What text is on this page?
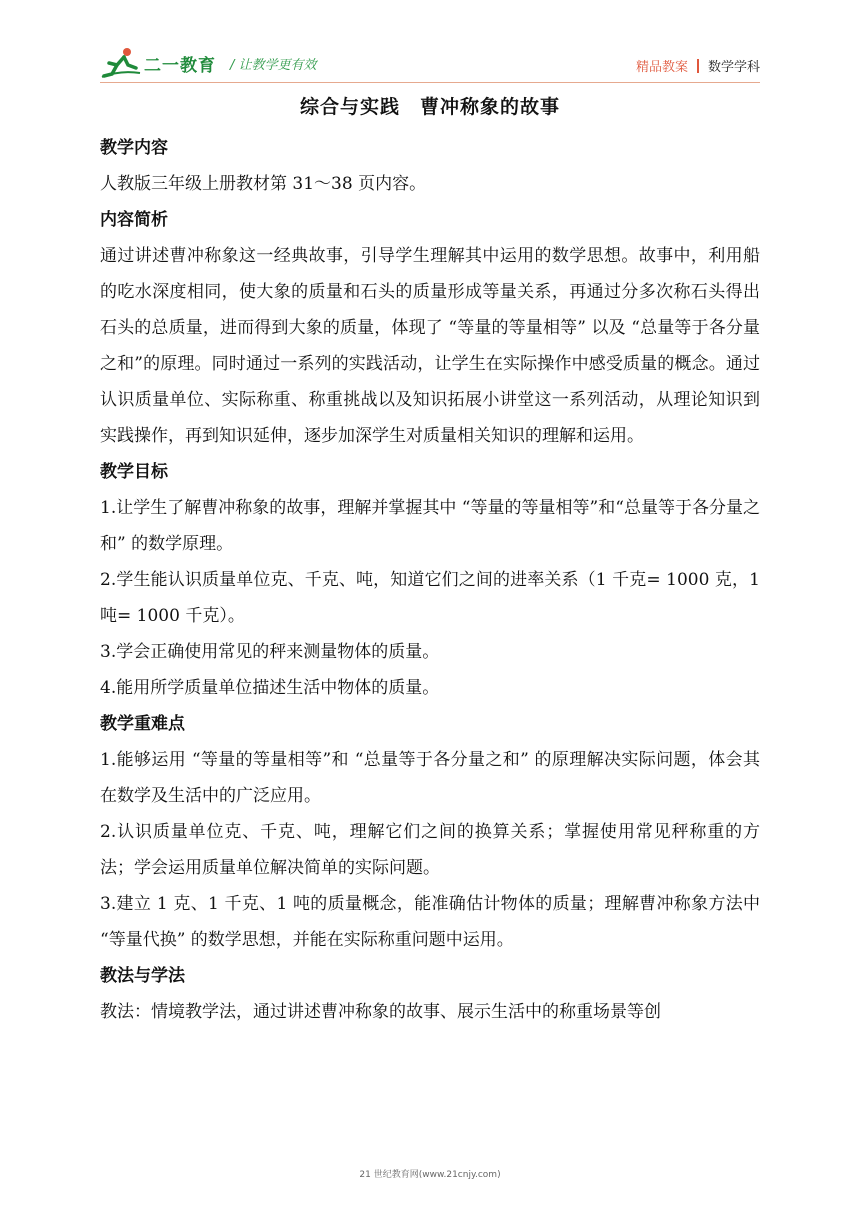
二一教育 / 让教学更有效	精品教案 数学学科
综合与实践　曹冲称象的故事
教学内容

人教版三年级上册教材第 31～38 页内容。

内容简析

通过讲述曹冲称象这一经典故事，引导学生理解其中运用的数学思想。故事中，利用船的吃水深度相同，使大象的质量和石头的质量形成等量关系，再通过分多次称石头得出石头的总质量，进而得到大象的质量，体现了 “等量的等量相等” 以及 “总量等于各分量之和”的原理。同时通过一系列的实践活动，让学生在实际操作中感受质量的概念。通过认识质量单位、实际称重、称重挑战以及知识拓展小讲堂这一系列活动，从理论知识到实践操作，再到知识延伸，逐步加深学生对质量相关知识的理解和运用。

教学目标

1.让学生了解曹冲称象的故事，理解并掌握其中 “等量的等量相等”和“总量等于各分量之和” 的数学原理。

2.学生能认识质量单位克、千克、吨，知道它们之间的进率关系（1 千克= 1000 克，1 吨= 1000 千克）。

3.学会正确使用常见的秤来测量物体的质量。

4.能用所学质量单位描述生活中物体的质量。

教学重难点

1.能够运用 “等量的等量相等”和 “总量等于各分量之和” 的原理解决实际问题，体会其在数学及生活中的广泛应用。

2.认识质量单位克、千克、吨，理解它们之间的换算关系；掌握使用常见秤称重的方法；学会运用质量单位解决简单的实际问题。

3.建立 1 克、1 千克、1 吨的质量概念，能准确估计物体的质量；理解曹冲称象方法中 “等量代换” 的数学思想，并能在实际称重问题中运用。

教法与学法

教法：情境教学法，通过讲述曹冲称象的故事、展示生活中的称重场景等创

21 世纪教育网(www.21cnjy.com)
